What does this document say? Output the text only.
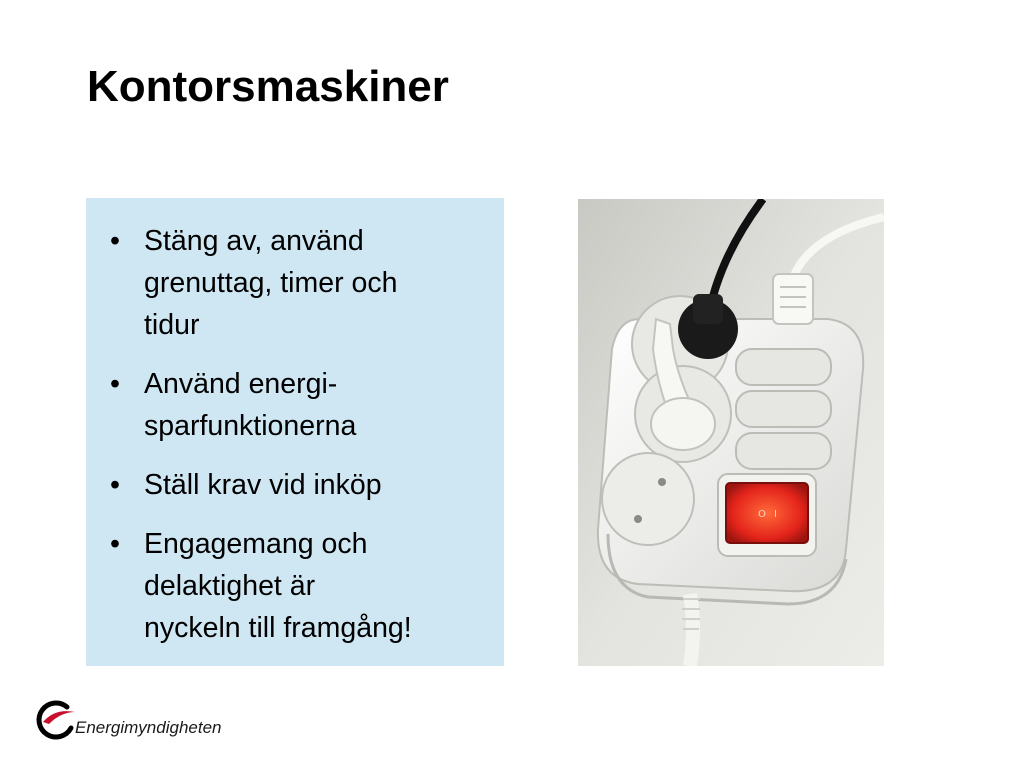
Kontorsmaskiner
• Stäng av, använd
grenuttag, timer och
tidur
• Använd energi-
sparfunktionerna
• Ställ krav vid inköp
• Engagemang och
delaktighet är
nyckeln till framgång!
O I
Energimyndigheten
